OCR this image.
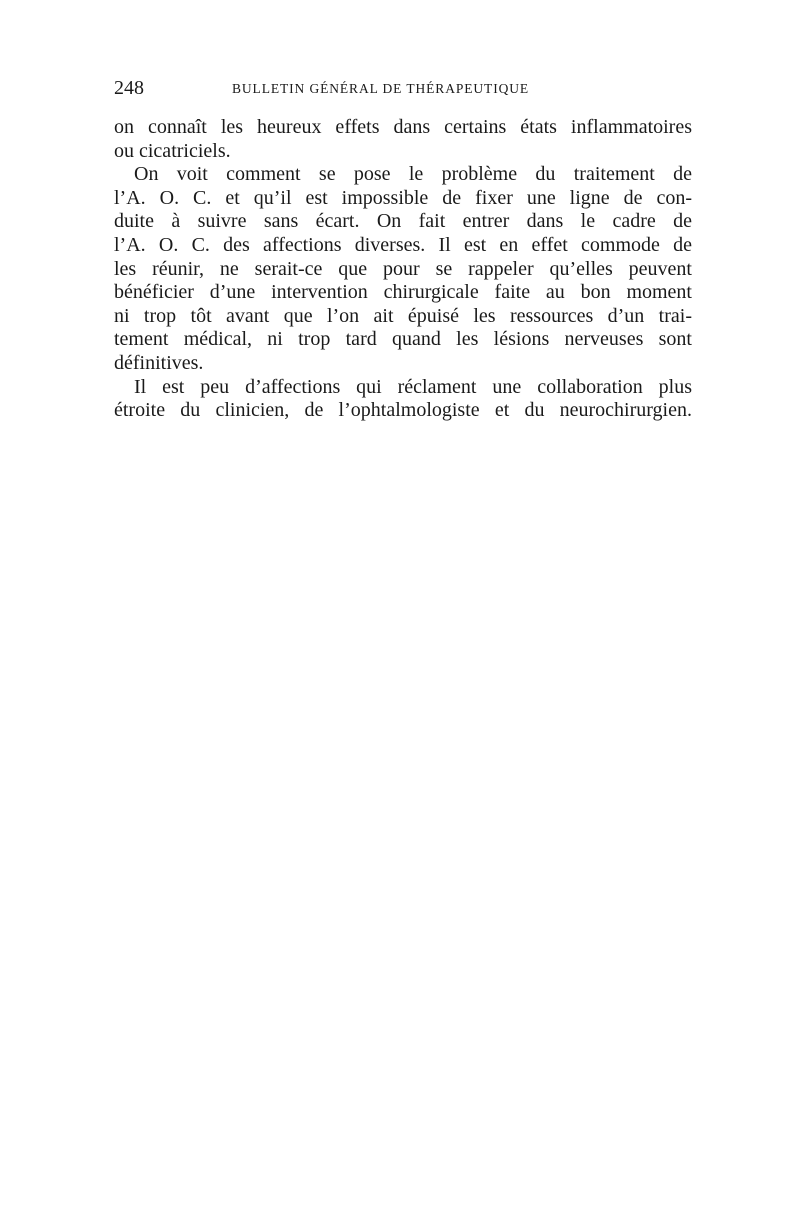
248	BULLETIN GÉNÉRAL DE THÉRAPEUTIQUE
on connaît les heureux effets dans certains états inflammatoires
ou cicatriciels.
On voit comment se pose le problème du traitement de
l’A. O. C. et qu’il est impossible de fixer une ligne de con-
duite à suivre sans écart. On fait entrer dans le cadre de
l’A. O. C. des affections diverses. Il est en effet commode de
les réunir, ne serait-ce que pour se rappeler qu’elles peuvent
bénéficier d’une intervention chirurgicale faite au bon moment
ni trop tôt avant que l’on ait épuisé les ressources d’un trai-
tement médical, ni trop tard quand les lésions nerveuses sont
définitives.
Il est peu d’affections qui réclament une collaboration plus
étroite du clinicien, de l’ophtalmologiste et du neurochirurgien.
